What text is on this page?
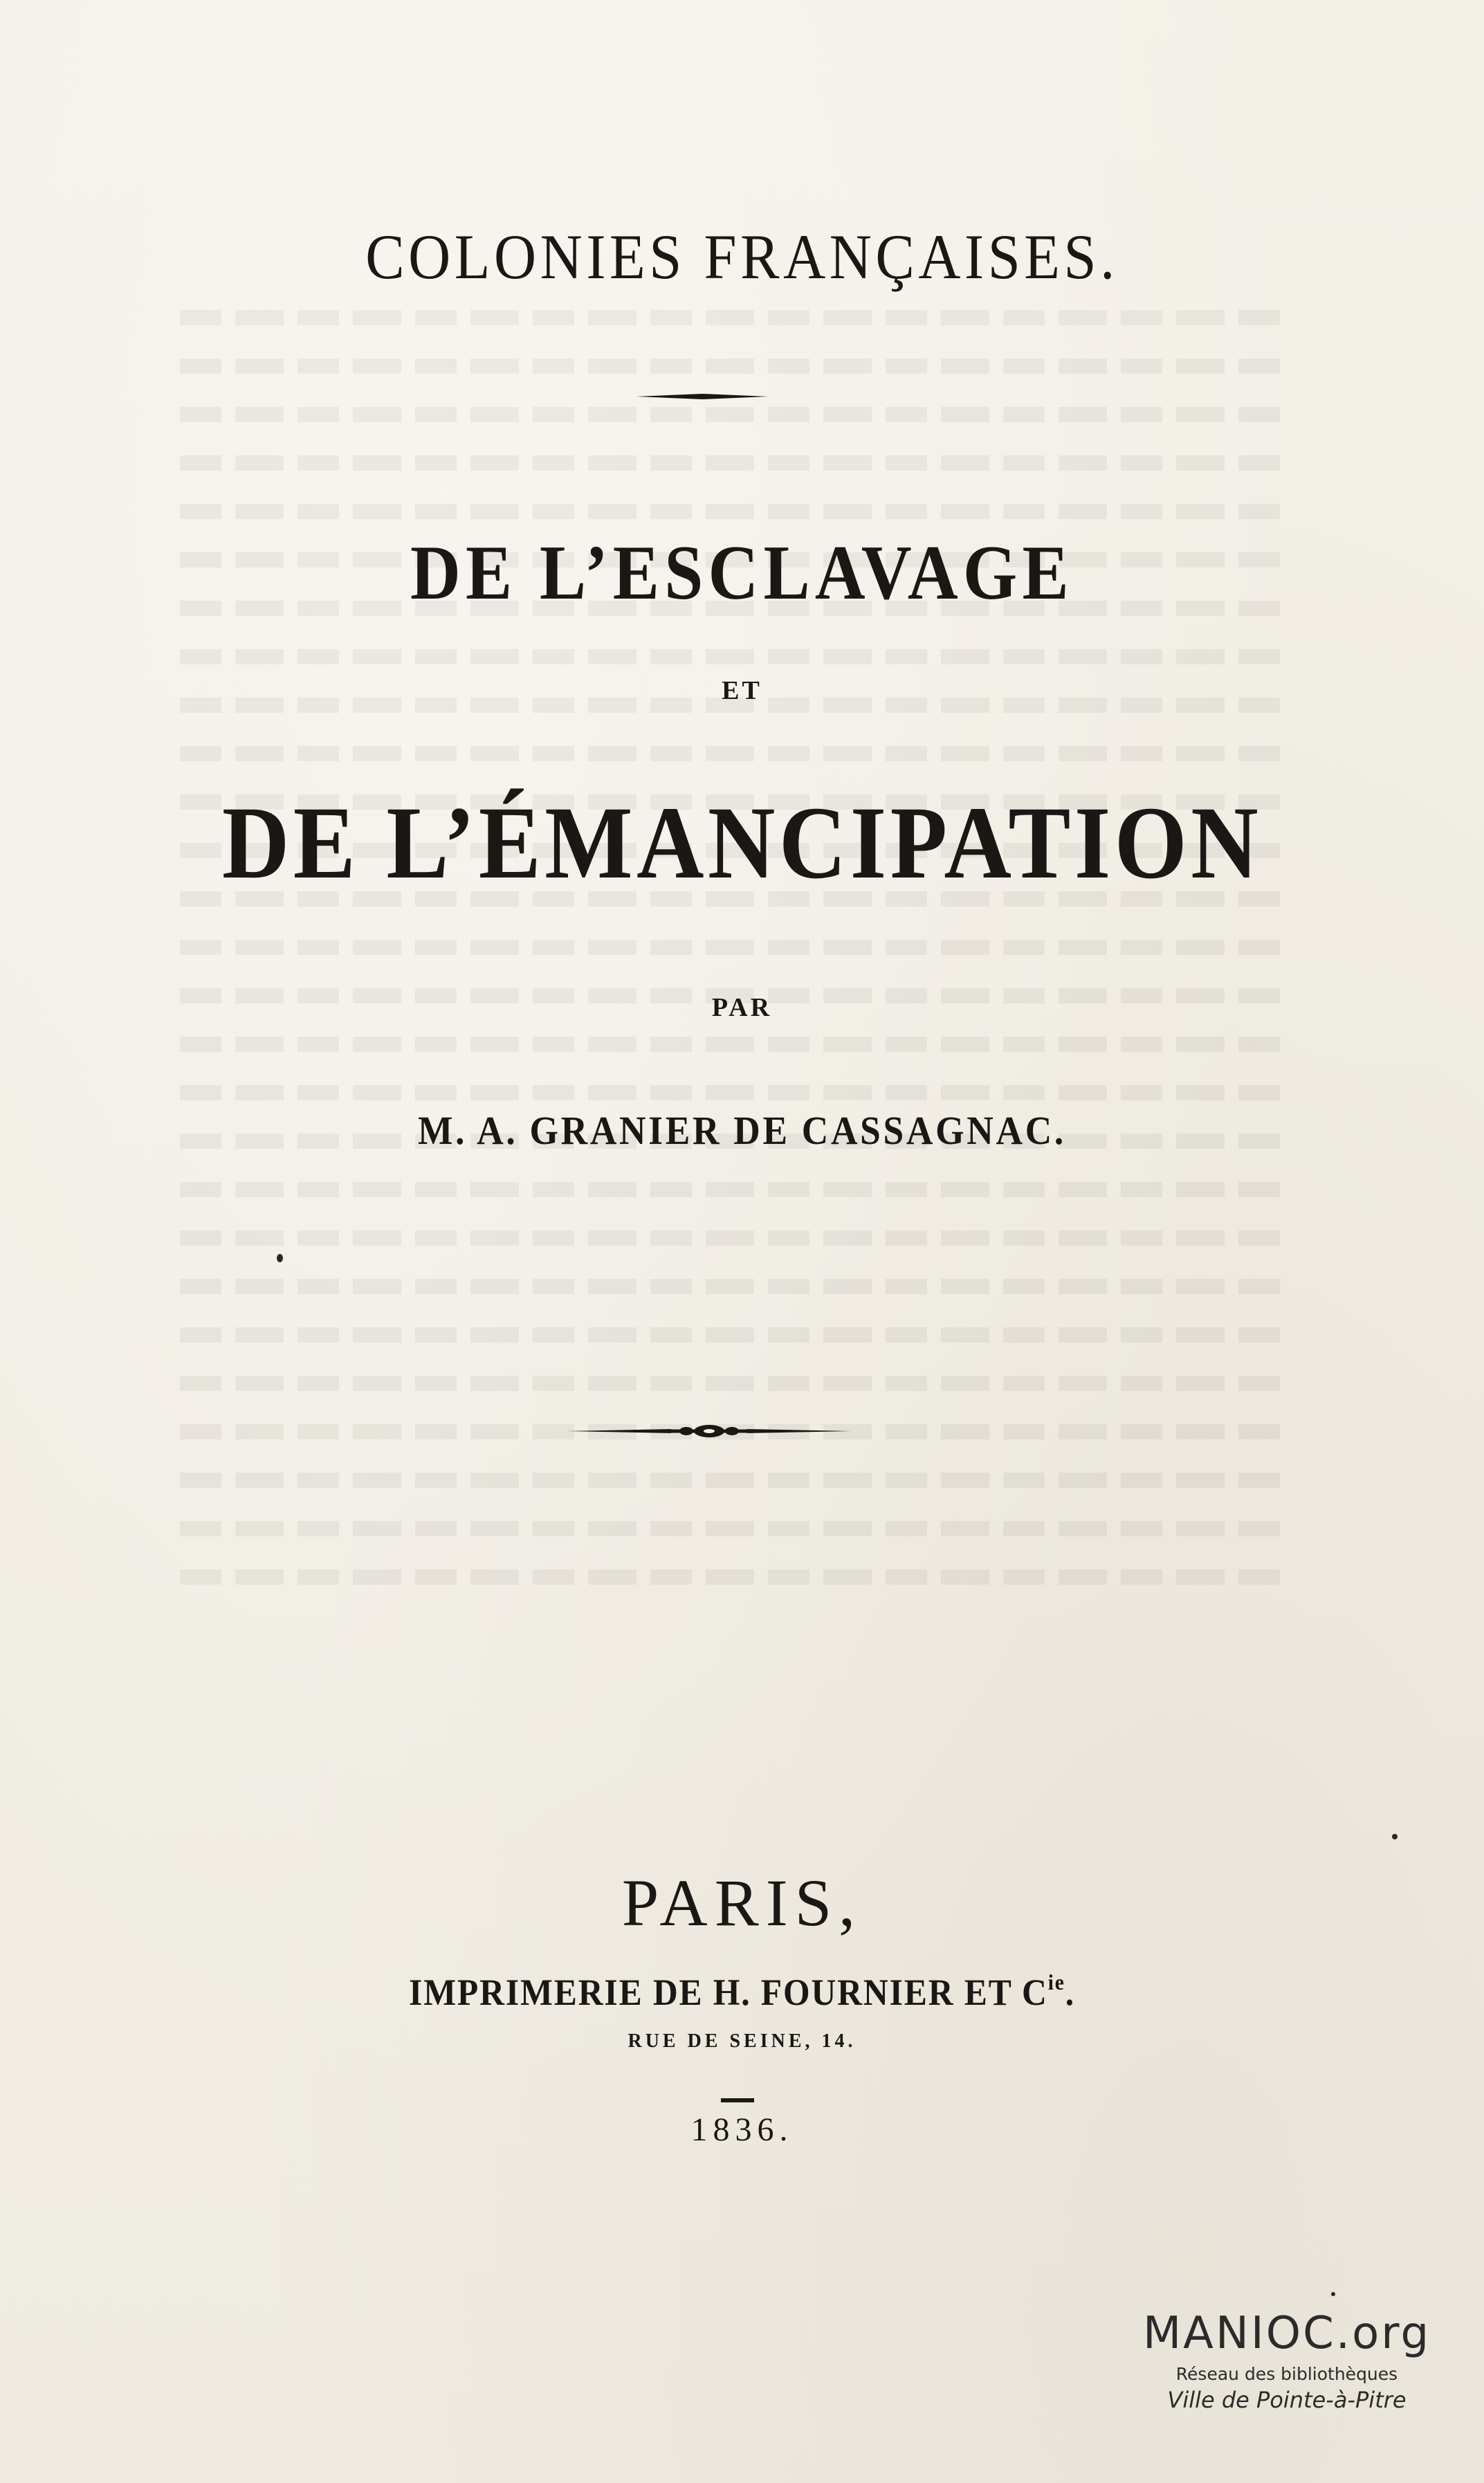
COLONIES FRANÇAISES.
DE L’ESCLAVAGE
ET
DE L’ÉMANCIPATION
PAR
M. A. GRANIER DE CASSAGNAC.
PARIS,
IMPRIMERIE DE H. FOURNIER ET $C^{ie}$.
RUE DE SEINE, 14.
1836.
MANIOC.org
Réseau des bibliothèques
Ville de Pointe-à-Pitre
